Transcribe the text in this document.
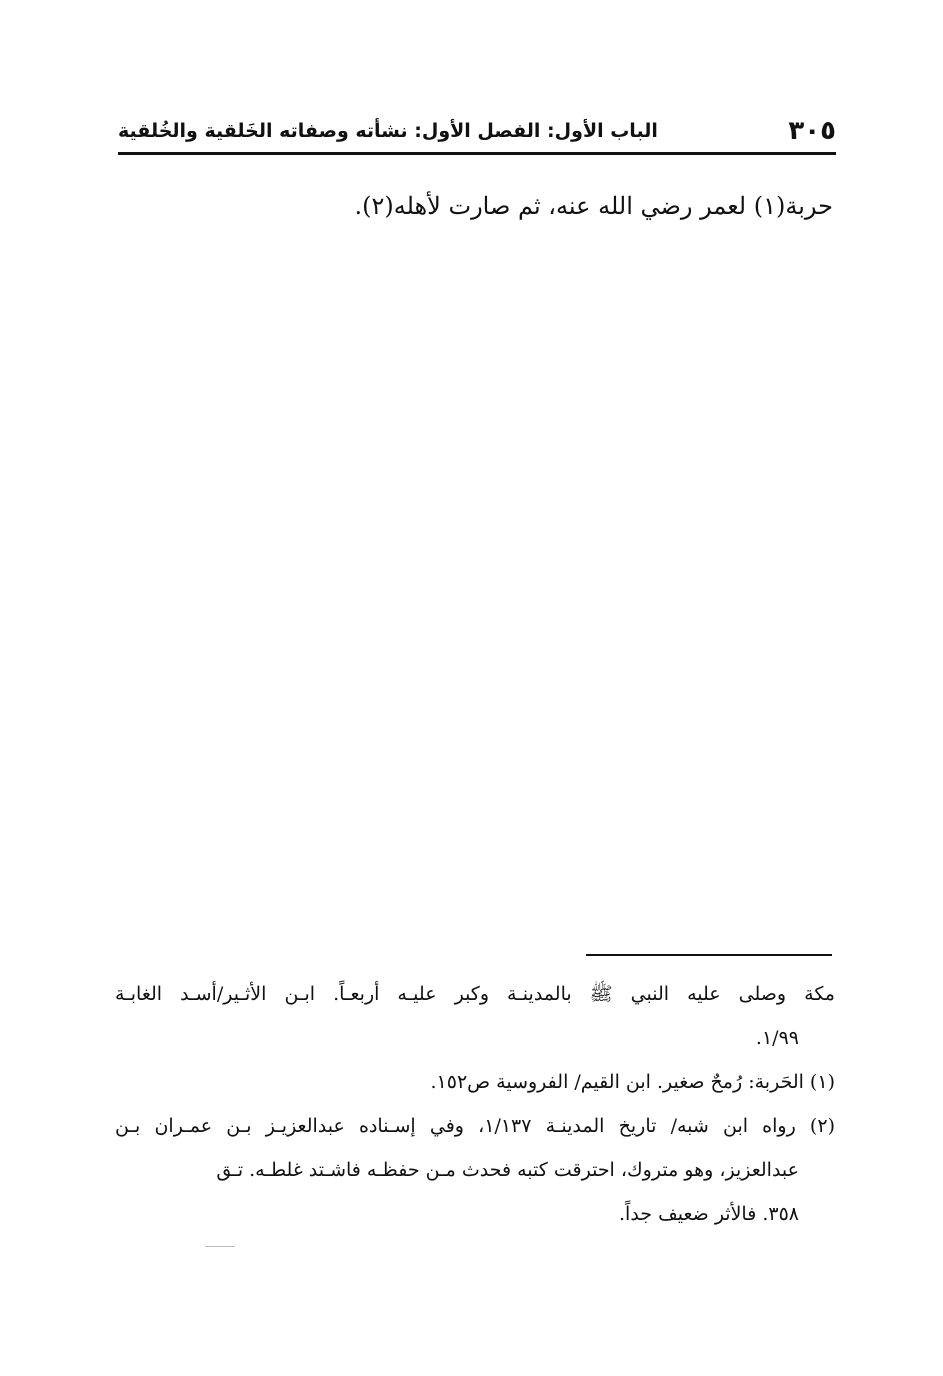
٣٠٥
الباب الأول: الفصل الأول: نشأته وصفاته الخَلقية والخُلقية
حربة(١) لعمر رضي الله عنه، ثم صارت لأهله(٢).
مكة وصلى عليه النبي ﷺ بالمدينـة وكبر عليـه أربعـاً. ابـن الأثـير/أسـد الغابـة
١/٩٩.
(١) الحَربة: رُمحٌ صغير. ابن القيم/ الفروسية ص١٥٢.
(٢) رواه ابن شبه/ تاريخ المدينـة ١/١٣٧، وفي إسـناده عبدالعزيـز بـن عمـران بـن
عبدالعزيز، وهو متروك، احترقت كتبه فحدث مـن حفظـه فاشـتد غلطـه. تـق
٣٥٨. فالأثر ضعيف جداً.
